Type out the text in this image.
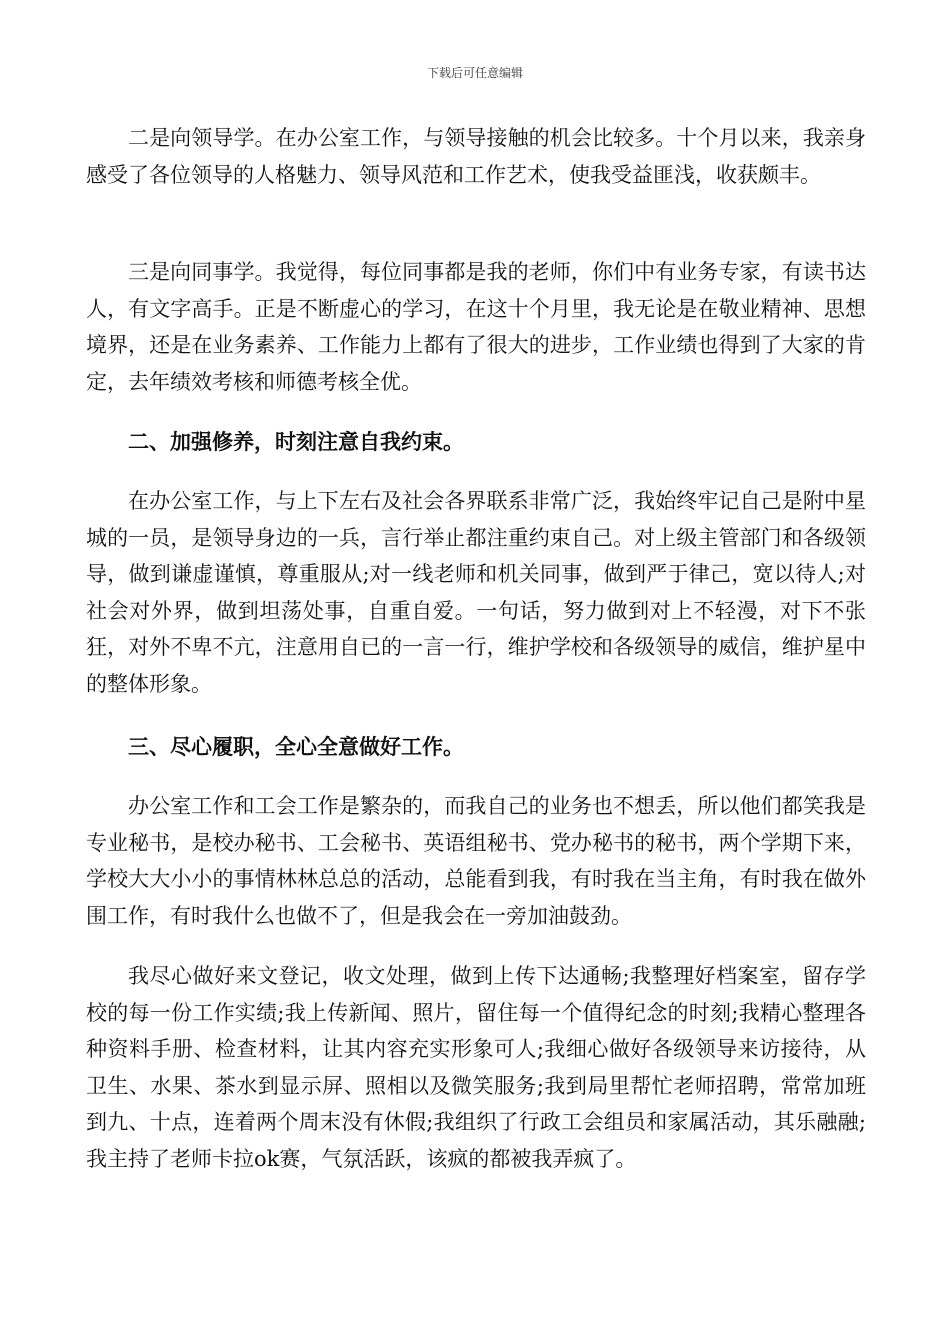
下载后可任意编辑

二是向领导学。在办公室工作，与领导接触的机会比较多。十个月以来，我亲身感受了各位领导的人格魅力、领导风范和工作艺术，使我受益匪浅，收获颇丰。

三是向同事学。我觉得，每位同事都是我的老师，你们中有业务专家，有读书达人，有文字高手。正是不断虚心的学习，在这十个月里，我无论是在敬业精神、思想境界，还是在业务素养、工作能力上都有了很大的进步，工作业绩也得到了大家的肯定，去年绩效考核和师德考核全优。

二、加强修养，时刻注意自我约束。

在办公室工作，与上下左右及社会各界联系非常广泛，我始终牢记自己是附中星城的一员，是领导身边的一兵，言行举止都注重约束自己。对上级主管部门和各级领导，做到谦虚谨慎，尊重服从;对一线老师和机关同事，做到严于律己，宽以待人;对社会对外界，做到坦荡处事，自重自爱。一句话，努力做到对上不轻漫，对下不张狂，对外不卑不亢，注意用自已的一言一行，维护学校和各级领导的威信，维护星中的整体形象。

三、尽心履职，全心全意做好工作。

办公室工作和工会工作是繁杂的，而我自己的业务也不想丢，所以他们都笑我是专业秘书，是校办秘书、工会秘书、英语组秘书、党办秘书的秘书，两个学期下来，学校大大小小的事情林林总总的活动，总能看到我，有时我在当主角，有时我在做外围工作，有时我什么也做不了，但是我会在一旁加油鼓劲。

我尽心做好来文登记，收文处理，做到上传下达通畅;我整理好档案室，留存学校的每一份工作实绩;我上传新闻、照片，留住每一个值得纪念的时刻;我精心整理各种资料手册、检查材料，让其内容充实形象可人;我细心做好各级领导来访接待，从卫生、水果、茶水到显示屏、照相以及微笑服务;我到局里帮忙老师招聘，常常加班到九、十点，连着两个周末没有休假;我组织了行政工会组员和家属活动，其乐融融;我主持了老师卡拉ok赛，气氛活跃，该疯的都被我弄疯了。
